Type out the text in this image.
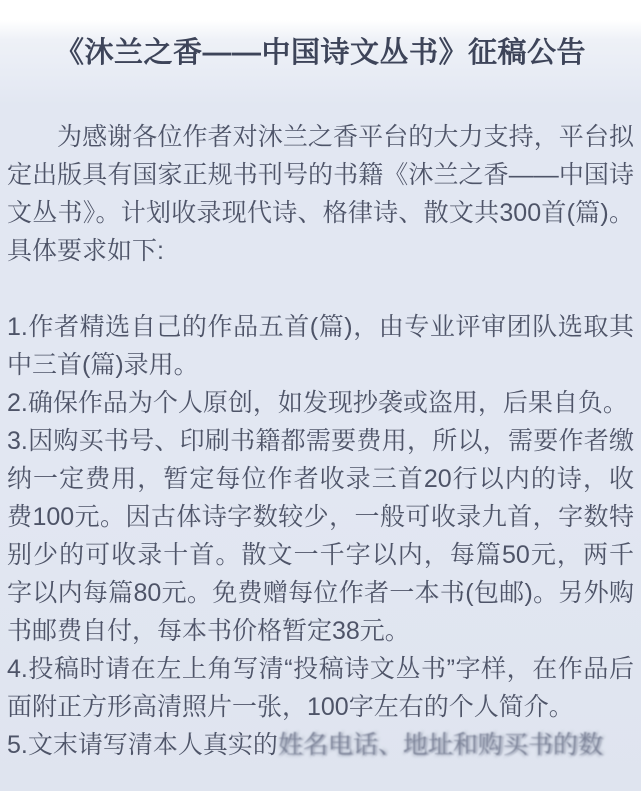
《沐兰之香——中国诗文丛书》征稿公告

为感谢各位作者对沐兰之香平台的大力支持，平台拟定出版具有国家正规书刊号的书籍《沐兰之香——中国诗文丛书》。计划收录现代诗、格律诗、散文共300首(篇)。具体要求如下:

1.作者精选自己的作品五首(篇)，由专业评审团队选取其中三首(篇)录用。

2.确保作品为个人原创，如发现抄袭或盗用，后果自负。

3.因购买书号、印刷书籍都需要费用，所以，需要作者缴纳一定费用，暂定每位作者收录三首20行以内的诗，收费100元。因古体诗字数较少，一般可收录九首，字数特别少的可收录十首。散文一千字以内，每篇50元，两千字以内每篇80元。免费赠每位作者一本书(包邮)。另外购书邮费自付，每本书价格暂定38元。

4.投稿时请在左上角写清“投稿诗文丛书”字样，在作品后面附正方形高清照片一张，100字左右的个人简介。

5.文末请写清本人真实的姓名电话、地址和购买书的数
